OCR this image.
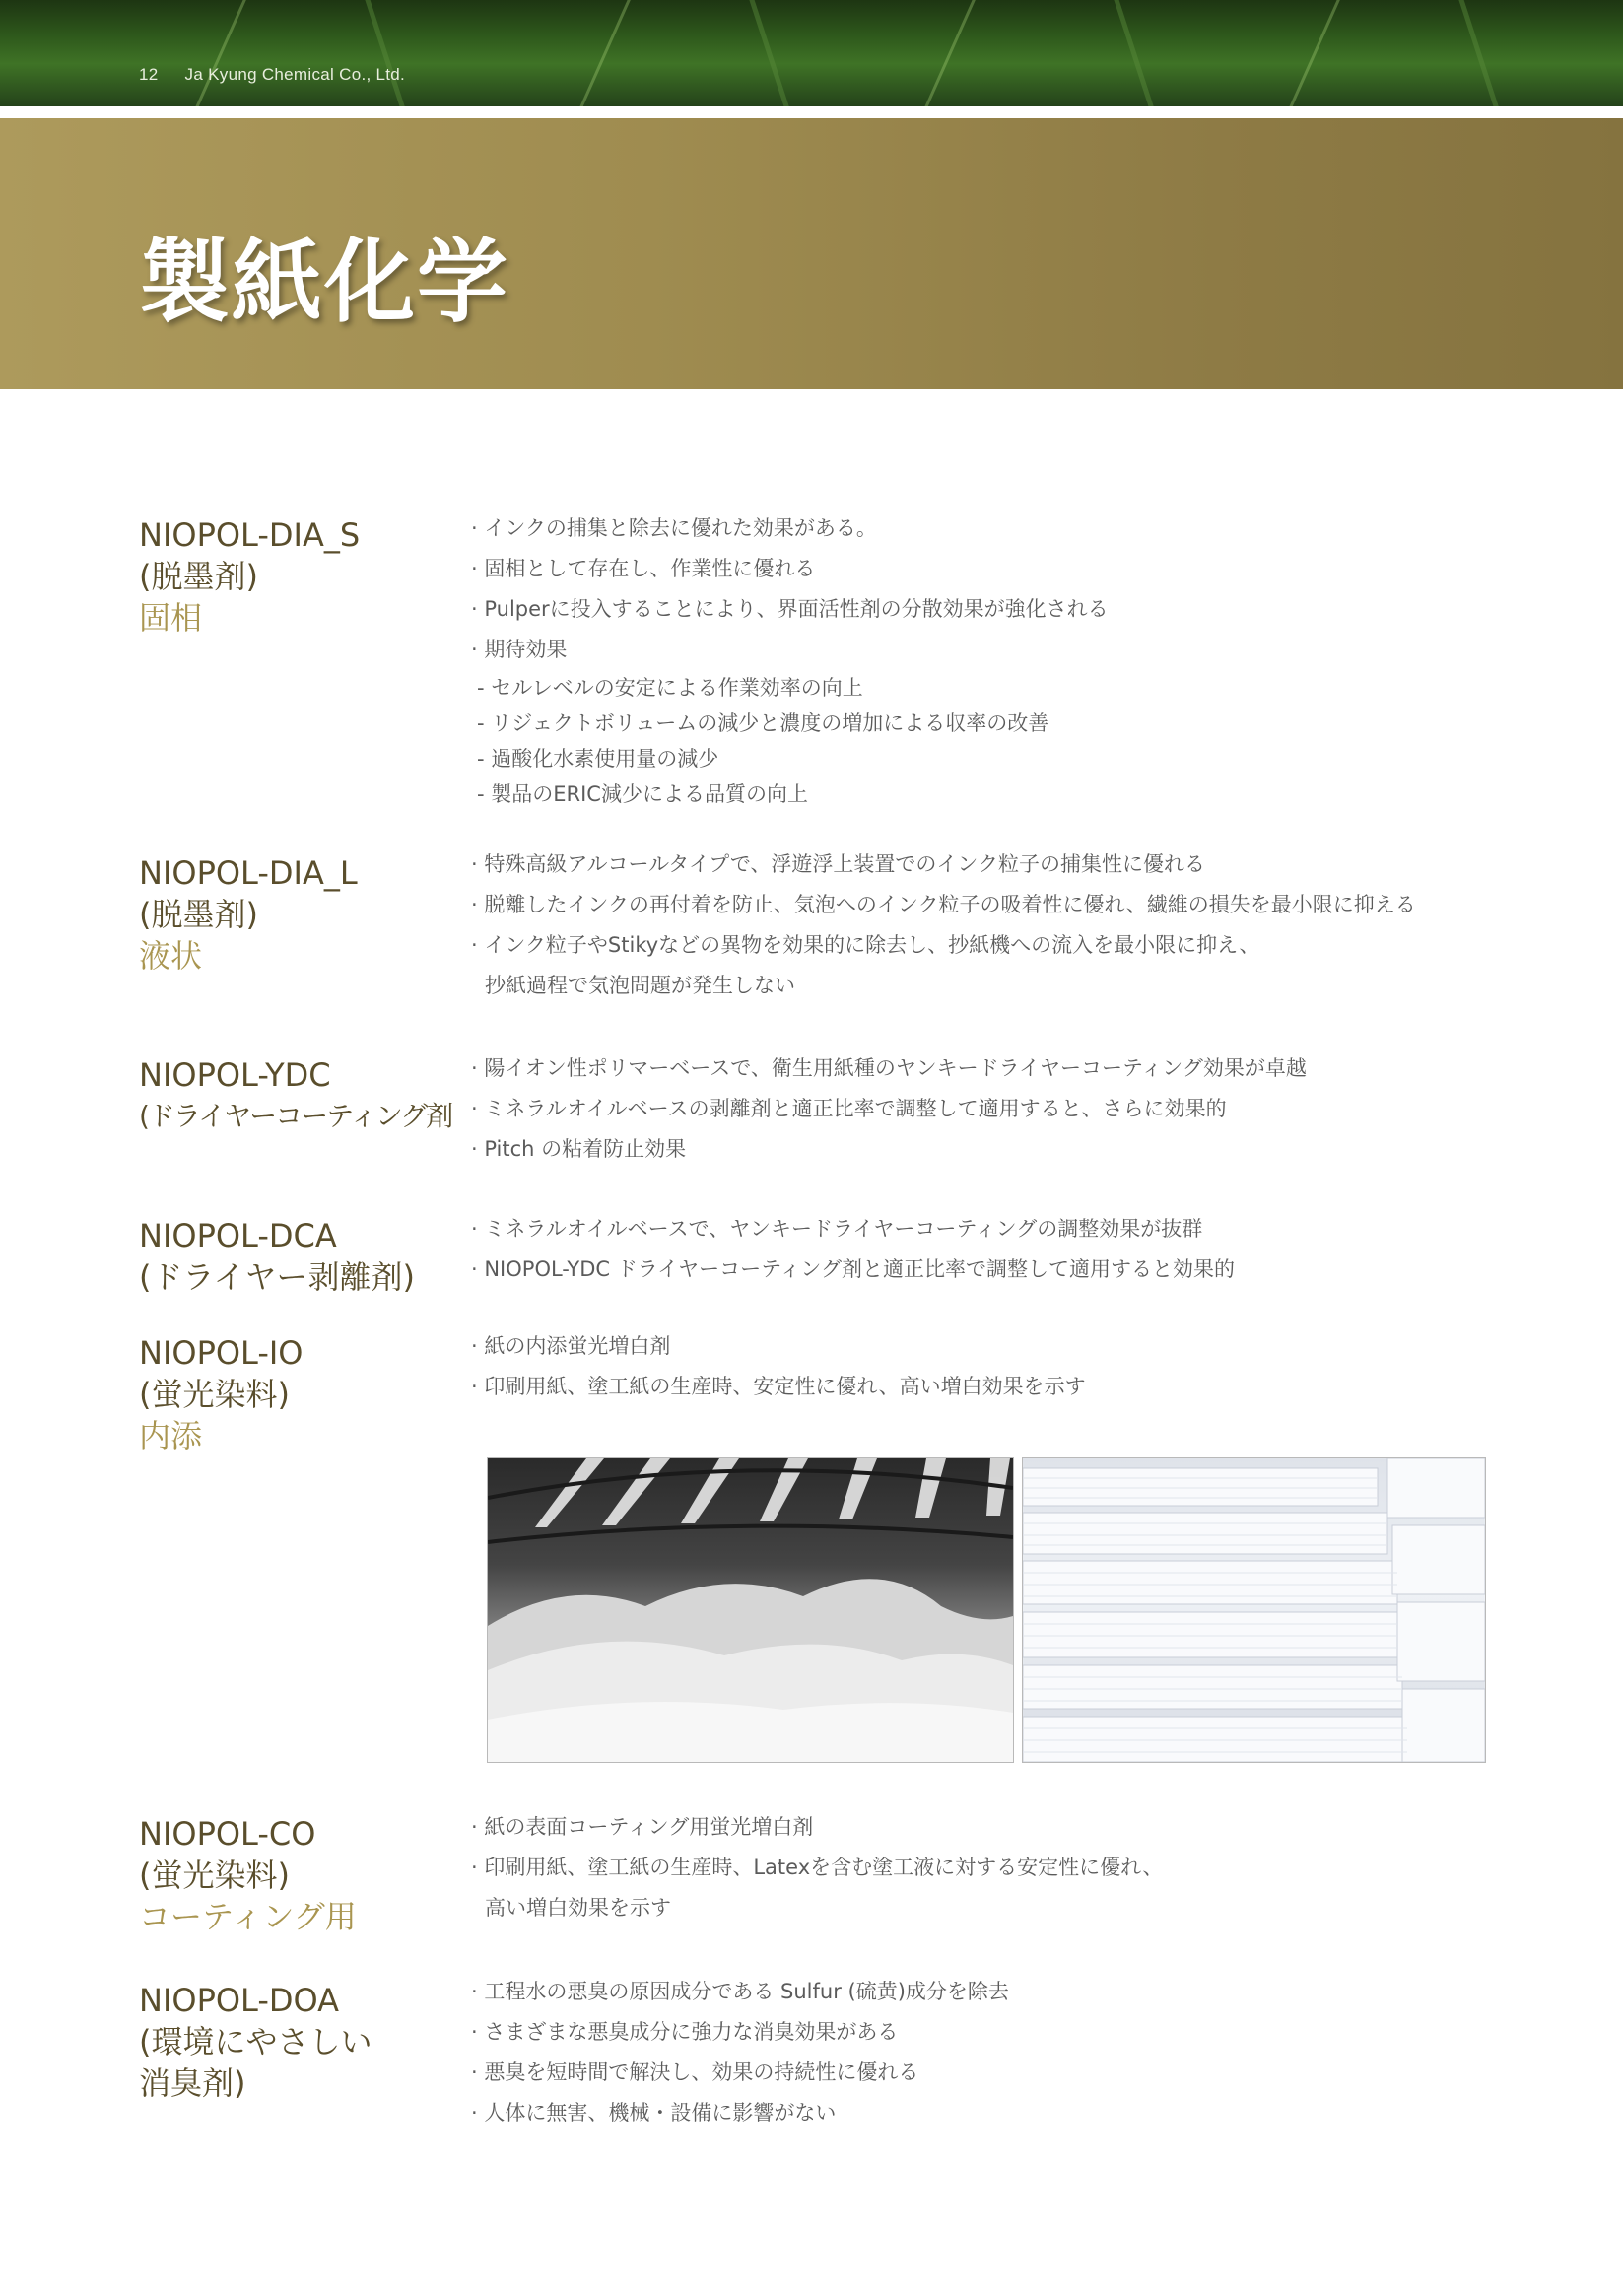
12 Ja Kyung Chemical Co., Ltd.
製紙化学
NIOPOL-DIA_S
(脱墨剤)
固相
· インクの捕集と除去に優れた効果がある。
· 固相として存在し、作業性に優れる
· Pulperに投入することにより、界面活性剤の分散効果が強化される
· 期待効果
- セルレベルの安定による作業効率の向上
- リジェクトボリュームの減少と濃度の増加による収率の改善
- 過酸化水素使用量の減少
- 製品のERIC減少による品質の向上
NIOPOL-DIA_L
(脱墨剤)
液状
· 特殊高級アルコールタイプで、浮遊浮上装置でのインク粒子の捕集性に優れる
· 脱離したインクの再付着を防止、気泡へのインク粒子の吸着性に優れ、繊維の損失を最小限に抑える
· インク粒子やStikyなどの異物を効果的に除去し、抄紙機への流入を最小限に抑え、
抄紙過程で気泡問題が発生しない
NIOPOL-YDC
(ドライヤーコーティング剤
· 陽イオン性ポリマーベースで、衛生用紙種のヤンキードライヤーコーティング効果が卓越
· ミネラルオイルベースの剥離剤と適正比率で調整して適用すると、さらに効果的
· Pitch の粘着防止効果
NIOPOL-DCA
(ドライヤー剥離剤)
· ミネラルオイルベースで、ヤンキードライヤーコーティングの調整効果が抜群
· NIOPOL-YDC ドライヤーコーティング剤と適正比率で調整して適用すると効果的
NIOPOL-IO
(蛍光染料)
内添
· 紙の内添蛍光増白剤
· 印刷用紙、塗工紙の生産時、安定性に優れ、高い増白効果を示す
NIOPOL-CO
(蛍光染料)
コーティング用
· 紙の表面コーティング用蛍光増白剤
· 印刷用紙、塗工紙の生産時、Latexを含む塗工液に対する安定性に優れ、
高い増白効果を示す
NIOPOL-DOA
(環境にやさしい
消臭剤)
· 工程水の悪臭の原因成分である Sulfur (硫黄)成分を除去
· さまざまな悪臭成分に強力な消臭効果がある
· 悪臭を短時間で解決し、効果の持続性に優れる
· 人体に無害、機械・設備に影響がない
